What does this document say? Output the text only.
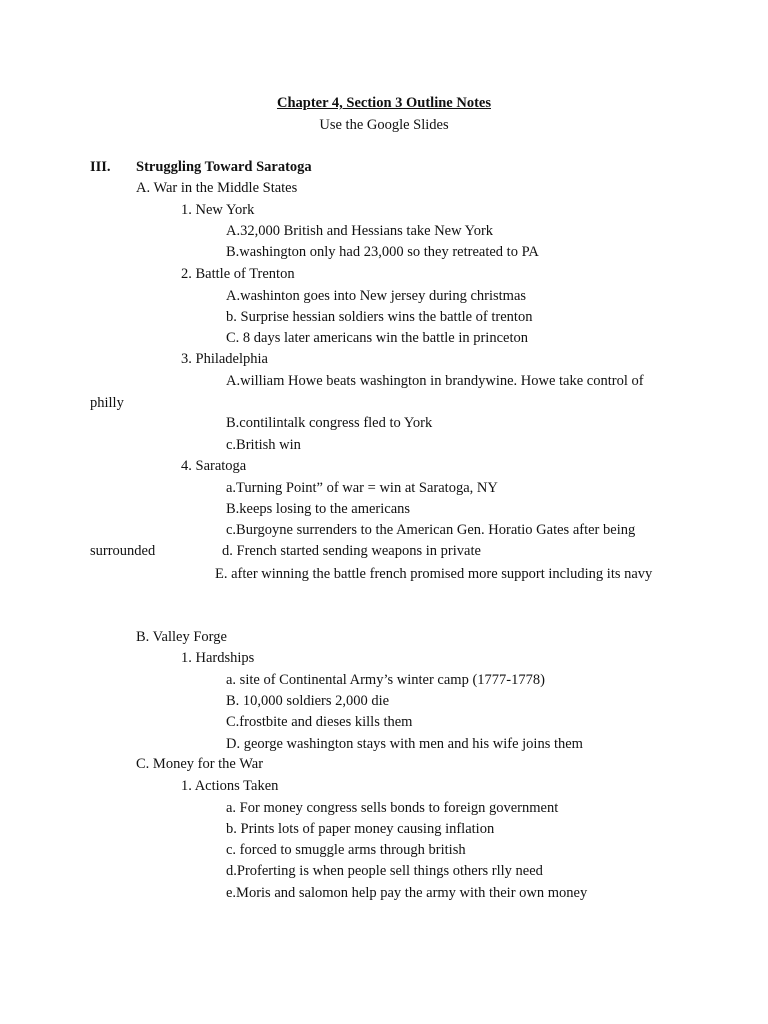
Chapter 4, Section 3 Outline Notes
Use the Google Slides
III. Struggling Toward Saratoga
A. War in the Middle States
1. New York
A.32,000 British and Hessians take New York
B.washington only had 23,000 so they retreated to PA
2. Battle of Trenton
A.washinton goes into New jersey during christmas
b. Surprise hessian soldiers wins the battle of trenton
C. 8 days later americans win the battle in princeton
3. Philadelphia
A.william Howe beats washington in brandywine. Howe take control of
philly
B.contilintalk congress fled to York
c.British win
4. Saratoga
a.Turning Point” of war = win at Saratoga, NY
B.keeps losing to the americans
c.Burgoyne surrenders to the American Gen. Horatio Gates after being
surrounded	d. French started sending weapons in private
E. after winning the battle french promised more support including its navy
B. Valley Forge
1. Hardships
a. site of Continental Army’s winter camp (1777-1778)
B. 10,000 soldiers 2,000 die
C.frostbite and dieses kills them
D. george washington stays with men and his wife joins them
C. Money for the War
1. Actions Taken
a. For money congress sells bonds to foreign government
b. Prints lots of paper money causing inflation
c. forced to smuggle arms through british
d.Proferting is when people sell things others rlly need
e.Moris and salomon help pay the army with their own money
